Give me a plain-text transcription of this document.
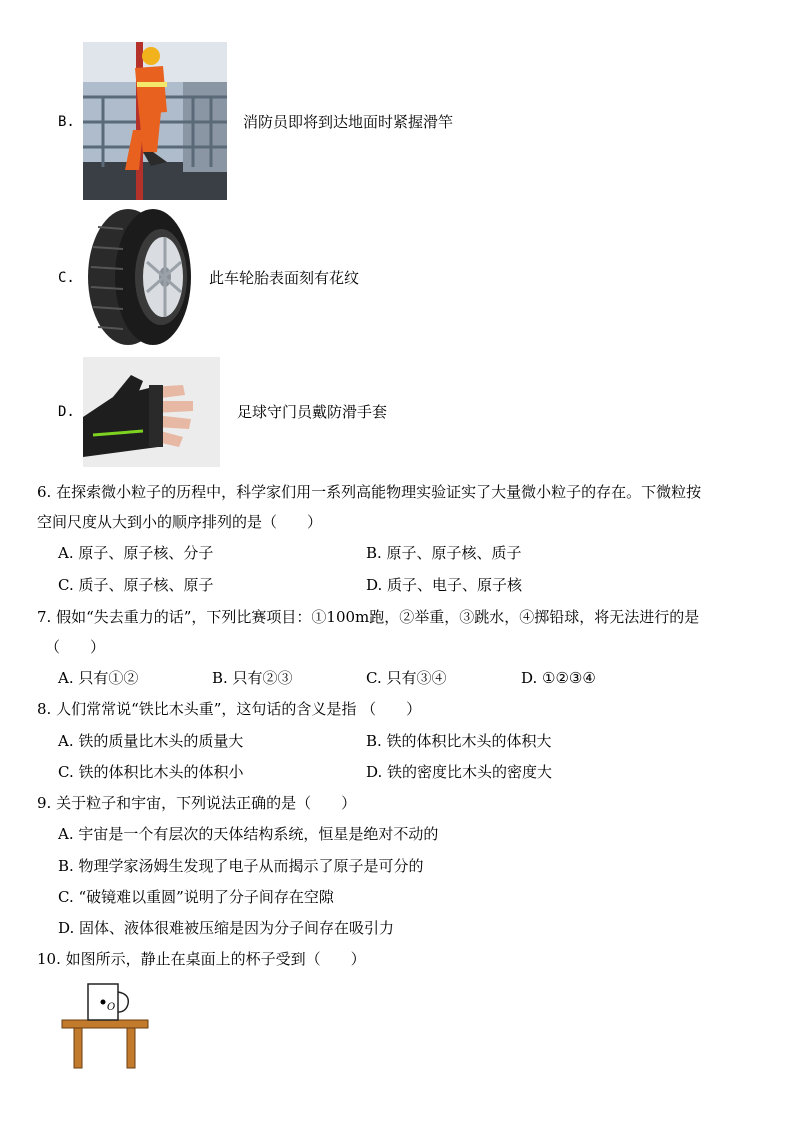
B.	消防员即将到达地面时紧握滑竿
C.	此车轮胎表面刻有花纹
D.	足球守门员戴防滑手套
6. 在探索微小粒子的历程中，科学家们用一系列高能物理实验证实了大量微小粒子的存在。下微粒按
空间尺度从大到小的顺序排列的是（　　）
A. 原子、原子核、分子	B. 原子、原子核、质子
C. 质子、原子核、原子	D. 质子、电子、原子核
7. 假如“失去重力的话”，下列比赛项目：①100m跑，②举重，③跳水，④掷铅球，将无法进行的是
（　　）
A. 只有①②	B. 只有②③	C. 只有③④	D. ①②③④
8. 人们常常说“铁比木头重”，这句话的含义是指 （　　）
A. 铁的质量比木头的质量大	B. 铁的体积比木头的体积大
C. 铁的体积比木头的体积小	D. 铁的密度比木头的密度大
9. 关于粒子和宇宙，下列说法正确的是（　　）
A. 宇宙是一个有层次的天体结构系统，恒星是绝对不动的
B. 物理学家汤姆生发现了电子从而揭示了原子是可分的
C. “破镜难以重圆”说明了分子间存在空隙
D. 固体、液体很难被压缩是因为分子间存在吸引力
10. 如图所示，静止在桌面上的杯子受到（　　）
O
